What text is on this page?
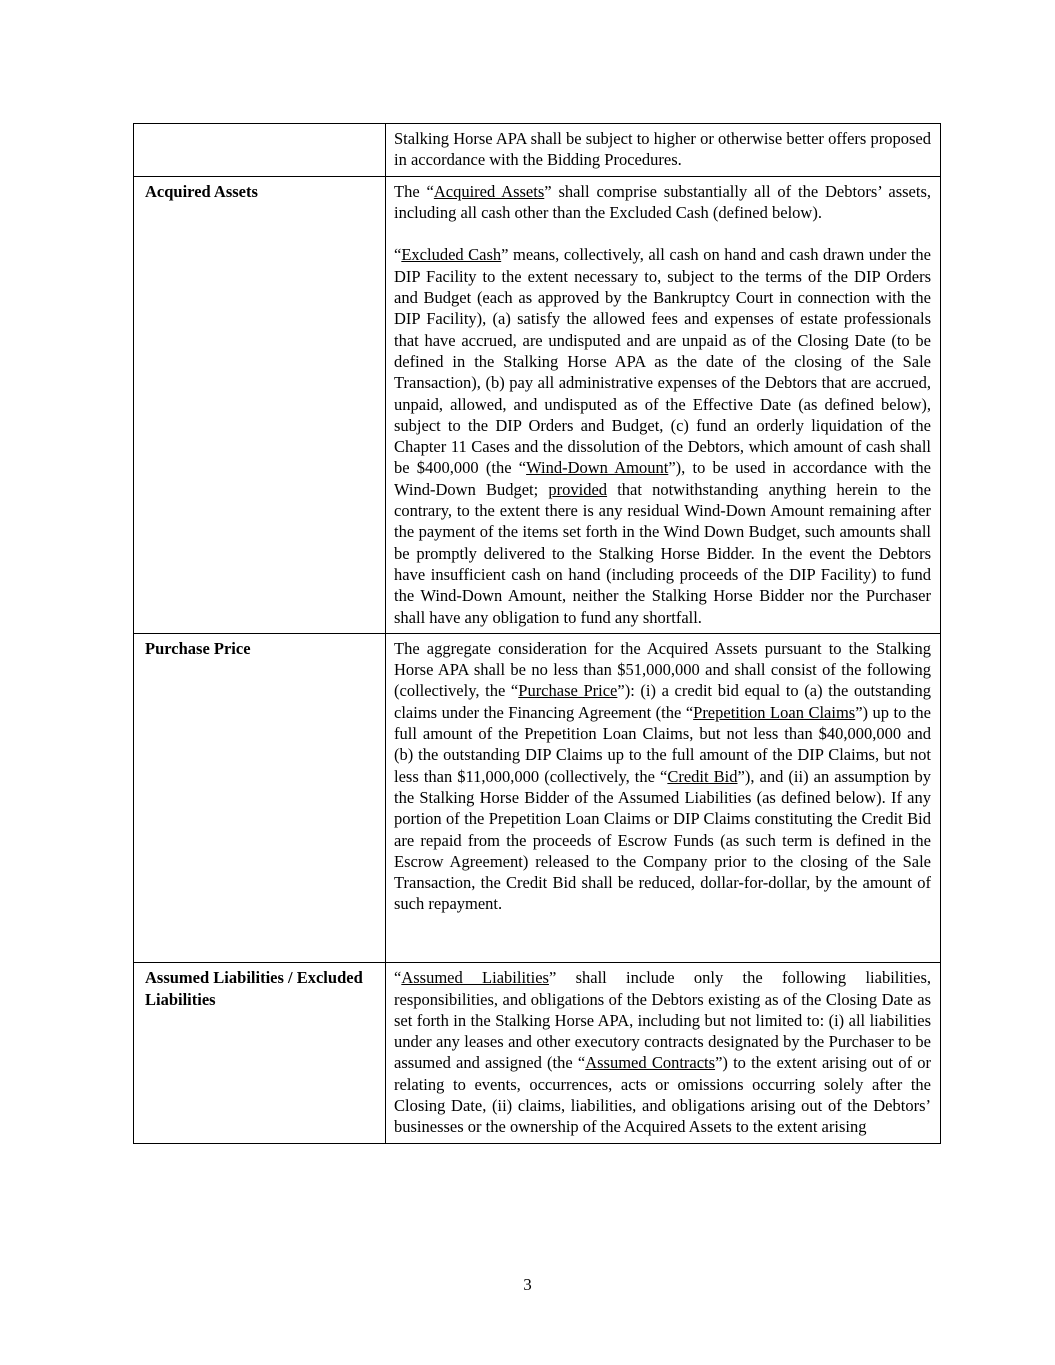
Stalking Horse APA shall be subject to higher or otherwise better offers proposed in accordance with the Bidding Procedures.

Acquired Assets	The “Acquired Assets” shall comprise substantially all of the Debtors’ assets, including all cash other than the Excluded Cash (defined below).

“Excluded Cash” means, collectively, all cash on hand and cash drawn under the DIP Facility to the extent necessary to, subject to the terms of the DIP Orders and Budget (each as approved by the Bankruptcy Court in connection with the DIP Facility), (a) satisfy the allowed fees and expenses of estate professionals that have accrued, are undisputed and are unpaid as of the Closing Date (to be defined in the Stalking Horse APA as the date of the closing of the Sale Transaction), (b) pay all administrative expenses of the Debtors that are accrued, unpaid, allowed, and undisputed as of the Effective Date (as defined below), subject to the DIP Orders and Budget, (c) fund an orderly liquidation of the Chapter 11 Cases and the dissolution of the Debtors, which amount of cash shall be $400,000 (the “Wind-Down Amount”), to be used in accordance with the Wind-Down Budget; provided that notwithstanding anything herein to the contrary, to the extent there is any residual Wind-Down Amount remaining after the payment of the items set forth in the Wind Down Budget, such amounts shall be promptly delivered to the Stalking Horse Bidder. In the event the Debtors have insufficient cash on hand (including proceeds of the DIP Facility) to fund the Wind-Down Amount, neither the Stalking Horse Bidder nor the Purchaser shall have any obligation to fund any shortfall.

Purchase Price	The aggregate consideration for the Acquired Assets pursuant to the Stalking Horse APA shall be no less than $51,000,000 and shall consist of the following (collectively, the “Purchase Price”): (i) a credit bid equal to (a) the outstanding claims under the Financing Agreement (the “Prepetition Loan Claims”) up to the full amount of the Prepetition Loan Claims, but not less than $40,000,000 and (b) the outstanding DIP Claims up to the full amount of the DIP Claims, but not less than $11,000,000 (collectively, the “Credit Bid”), and (ii) an assumption by the Stalking Horse Bidder of the Assumed Liabilities (as defined below). If any portion of the Prepetition Loan Claims or DIP Claims constituting the Credit Bid are repaid from the proceeds of Escrow Funds (as such term is defined in the Escrow Agreement) released to the Company prior to the closing of the Sale Transaction, the Credit Bid shall be reduced, dollar-for-dollar, by the amount of such repayment.

Assumed Liabilities / Excluded Liabilities

“Assumed Liabilities” shall include only the following liabilities, responsibilities, and obligations of the Debtors existing as of the Closing Date as set forth in the Stalking Horse APA, including but not limited to: (i) all liabilities under any leases and other executory contracts designated by the Purchaser to be assumed and assigned (the “Assumed Contracts”) to the extent arising out of or relating to events, occurrences, acts or omissions occurring solely after the Closing Date, (ii) claims, liabilities, and obligations arising out of the Debtors’ businesses or the ownership of the Acquired Assets to the extent arising

3
